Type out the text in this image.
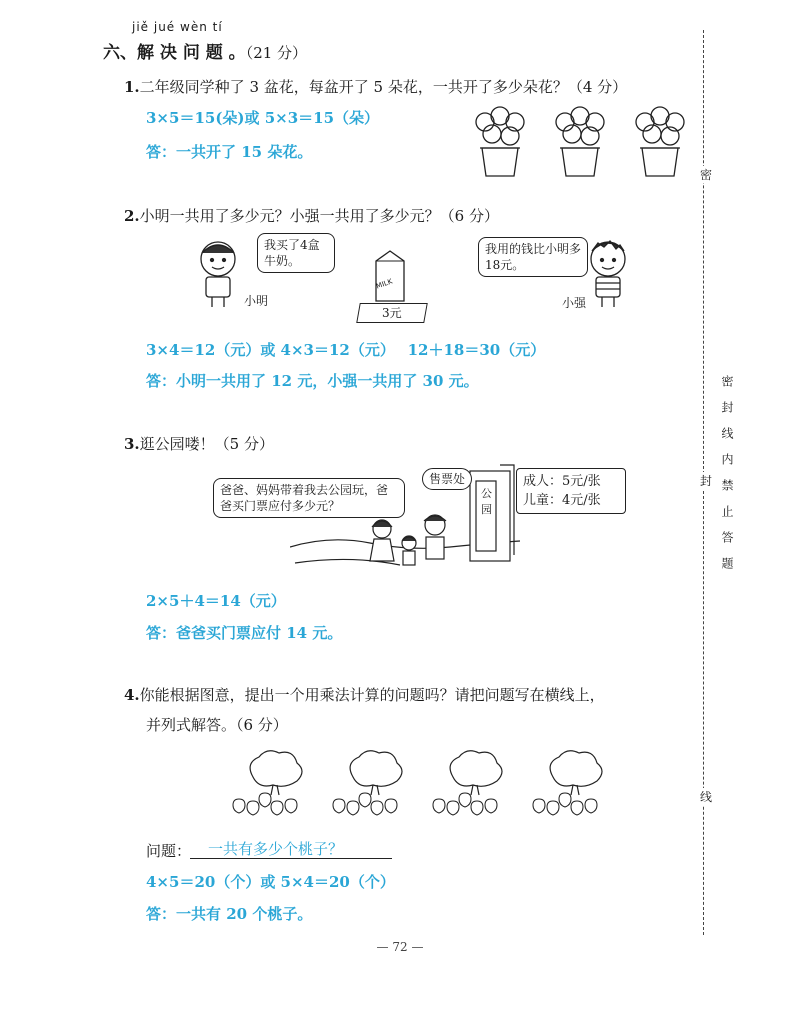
jiě jué wèn tí
六、解 决 问 题 。（21 分）
1.二年级同学种了 3 盆花，每盆开了 5 朵花，一共开了多少朵花？（4 分）
3×5＝15(朵)或 5×3＝15（朵）
答：一共开了 15 朵花。
2.小明一共用了多少元？小强一共用了多少元？（6 分）
我买了4盒牛奶。
小明
MILK
3元
我用的钱比小明多18元。
小强
3×4＝12（元）或 4×3＝12（元）　 12＋18＝30（元）
答：小明一共用了 12 元，小强一共用了 30 元。
3.逛公园喽！（5 分）
爸爸、妈妈带着我去公园玩，爸爸买门票应付多少元？
售票处
公园
成人：5元/张
儿童：4元/张
2×5＋4＝14（元）
答：爸爸买门票应付 14 元。
4.你能根据图意，提出一个用乘法计算的问题吗？请把问题写在横线上，
并列式解答。（6 分）
问题： 一共有多少个桃子？
4×5＝20（个）或 5×4＝20（个）
答：一共有 20 个桃子。
— 72 —
密
密封线内禁止答题
封
线
